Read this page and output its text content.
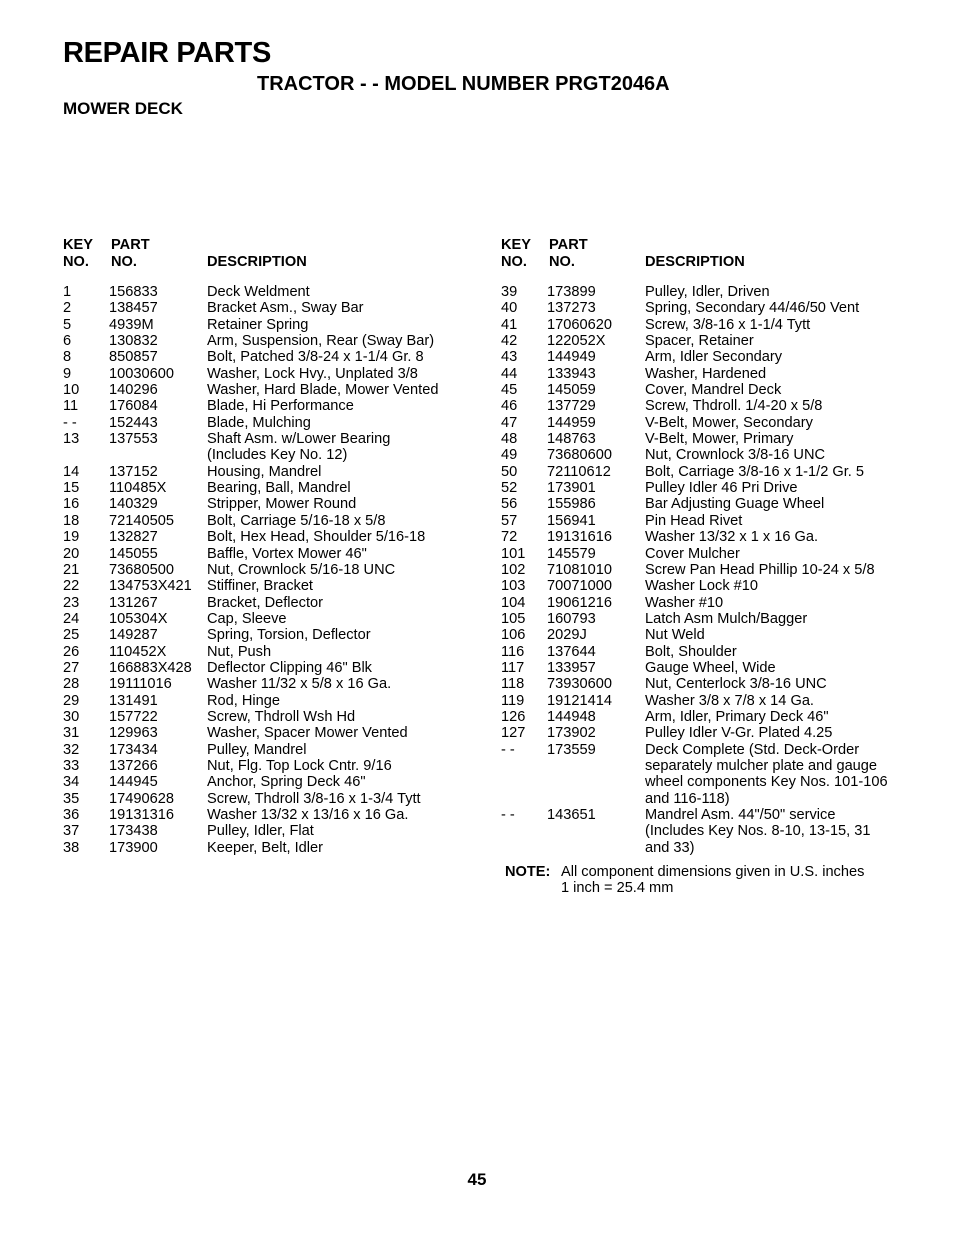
REPAIR PARTS
TRACTOR - - MODEL NUMBER PRGT2046A
MOWER DECK
KEY
NO.
PART
NO.	DESCRIPTION
1	156833	Deck Weldment
2	138457	Bracket Asm., Sway Bar
5	4939M	Retainer Spring
6	130832	Arm, Suspension, Rear (Sway Bar)
8	850857	Bolt, Patched 3/8-24 x 1-1/4 Gr. 8
9	10030600	Washer, Lock Hvy., Unplated 3/8
10	140296	Washer, Hard Blade, Mower Vented
11	176084	Blade, Hi Performance
- -	152443	Blade, Mulching
13	137553	Shaft Asm. w/Lower Bearing
(Includes Key No. 12)
14	137152	Housing, Mandrel
15	110485X	Bearing, Ball, Mandrel
16	140329	Stripper, Mower Round
18	72140505	Bolt, Carriage 5/16-18 x 5/8
19	132827	Bolt, Hex Head, Shoulder 5/16-18
20	145055	Baffle, Vortex Mower 46"
21	73680500	Nut, Crownlock 5/16-18 UNC
22	134753X421	Stiffiner, Bracket
23	131267	Bracket, Deflector
24	105304X	Cap, Sleeve
25	149287	Spring, Torsion, Deflector
26	110452X	Nut, Push
27	166883X428	Deflector Clipping 46" Blk
28	19111016	Washer 11/32 x 5/8 x 16 Ga.
29	131491	Rod, Hinge
30	157722	Screw, Thdroll Wsh Hd
31	129963	Washer, Spacer Mower Vented
32	173434	Pulley, Mandrel
33	137266	Nut, Flg. Top Lock Cntr. 9/16
34	144945	Anchor, Spring Deck 46"
35	17490628	Screw, Thdroll 3/8-16 x 1-3/4 Tytt
36	19131316	Washer 13/32 x 13/16 x 16 Ga.
37	173438	Pulley, Idler, Flat
38	173900	Keeper, Belt, Idler
KEY
NO.
PART
NO.	DESCRIPTION
39	173899	Pulley, Idler, Driven
40	137273	Spring, Secondary 44/46/50 Vent
41	17060620	Screw, 3/8-16 x 1-1/4 Tytt
42	122052X	Spacer, Retainer
43	144949	Arm, Idler Secondary
44	133943	Washer, Hardened
45	145059	Cover, Mandrel Deck
46	137729	Screw, Thdroll. 1/4-20 x 5/8
47	144959	V-Belt, Mower, Secondary
48	148763	V-Belt, Mower, Primary
49	73680600	Nut, Crownlock 3/8-16 UNC
50	72110612	Bolt, Carriage 3/8-16 x 1-1/2 Gr. 5
52	173901	Pulley Idler 46 Pri Drive
56	155986	Bar Adjusting Guage Wheel
57	156941	Pin Head Rivet
72	19131616	Washer 13/32 x 1 x 16 Ga.
101	145579	Cover Mulcher
102	71081010	Screw Pan Head Phillip 10-24 x 5/8
103	70071000	Washer Lock #10
104	19061216	Washer #10
105	160793	Latch Asm Mulch/Bagger
106	2029J	Nut Weld
116	137644	Bolt, Shoulder
117	133957	Gauge Wheel, Wide
118	73930600	Nut, Centerlock 3/8-16 UNC
119	19121414	Washer 3/8 x 7/8 x 14 Ga.
126	144948	Arm, Idler, Primary Deck 46"
127	173902	Pulley Idler V-Gr. Plated 4.25
- -	173559	Deck Complete (Std. Deck-Order
separately mulcher plate and gauge
wheel components Key Nos. 101-106
and 116-118)
- -	143651	Mandrel Asm. 44"/50" service
(Includes Key Nos. 8-10, 13-15, 31
and 33)
NOTE: All component dimensions given in U.S. inches
1 inch = 25.4 mm
45
